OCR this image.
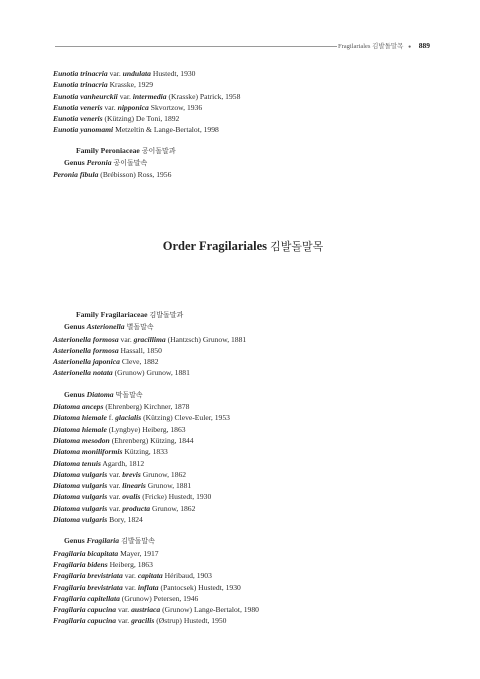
Fragilariales 김발돌말목 ● 889
Eunotia trinacria var. undulata Hustedt, 1930
Eunotia trinacria Krasske, 1929
Eunotia vanheurckii var. intermedia (Krasske) Patrick, 1958
Eunotia veneris var. nipponica Skvortzow, 1936
Eunotia veneris (Kützing) De Toni, 1892
Eunotia yanomami Metzeltin & Lange-Bertalot, 1998
Family Peroniaceae 공이돌말과
Genus Peronia 공이돌말속
Peronia fibula (Brébisson) Ross, 1956
Order Fragilariales 김발돌말목
Family Fragilariaceae 김발돌말과
Genus Asterionella 별돌말속
Asterionella formosa var. gracillima (Hantzsch) Grunow, 1881
Asterionella formosa Hassall, 1850
Asterionella japonica Cleve, 1882
Asterionella notata (Grunow) Grunow, 1881
Genus Diatoma 막돌말속
Diatoma anceps (Ehrenberg) Kirchner, 1878
Diatoma hiemale f. glacialis (Kützing) Cleve-Euler, 1953
Diatoma hiemale (Lyngbye) Heiberg, 1863
Diatoma mesodon (Ehrenberg) Kützing, 1844
Diatoma moniliformis Kützing, 1833
Diatoma tenuis Agardh, 1812
Diatoma vulgaris var. brevis Grunow, 1862
Diatoma vulgaris var. linearis Grunow, 1881
Diatoma vulgaris var. ovalis (Fricke) Hustedt, 1930
Diatoma vulgaris var. producta Grunow, 1862
Diatoma vulgaris Bory, 1824
Genus Fragilaria 김발돌말속
Fragilaria bicapitata Mayer, 1917
Fragilaria bidens Heiberg, 1863
Fragilaria brevistriata var. capitata Héribaud, 1903
Fragilaria brevistriata var. inflata (Pantocsek) Hustedt, 1930
Fragilaria capitellata (Grunow) Petersen, 1946
Fragilaria capucina var. austriaca (Grunow) Lange-Bertalot, 1980
Fragilaria capucina var. gracilis (Østrup) Hustedt, 1950
